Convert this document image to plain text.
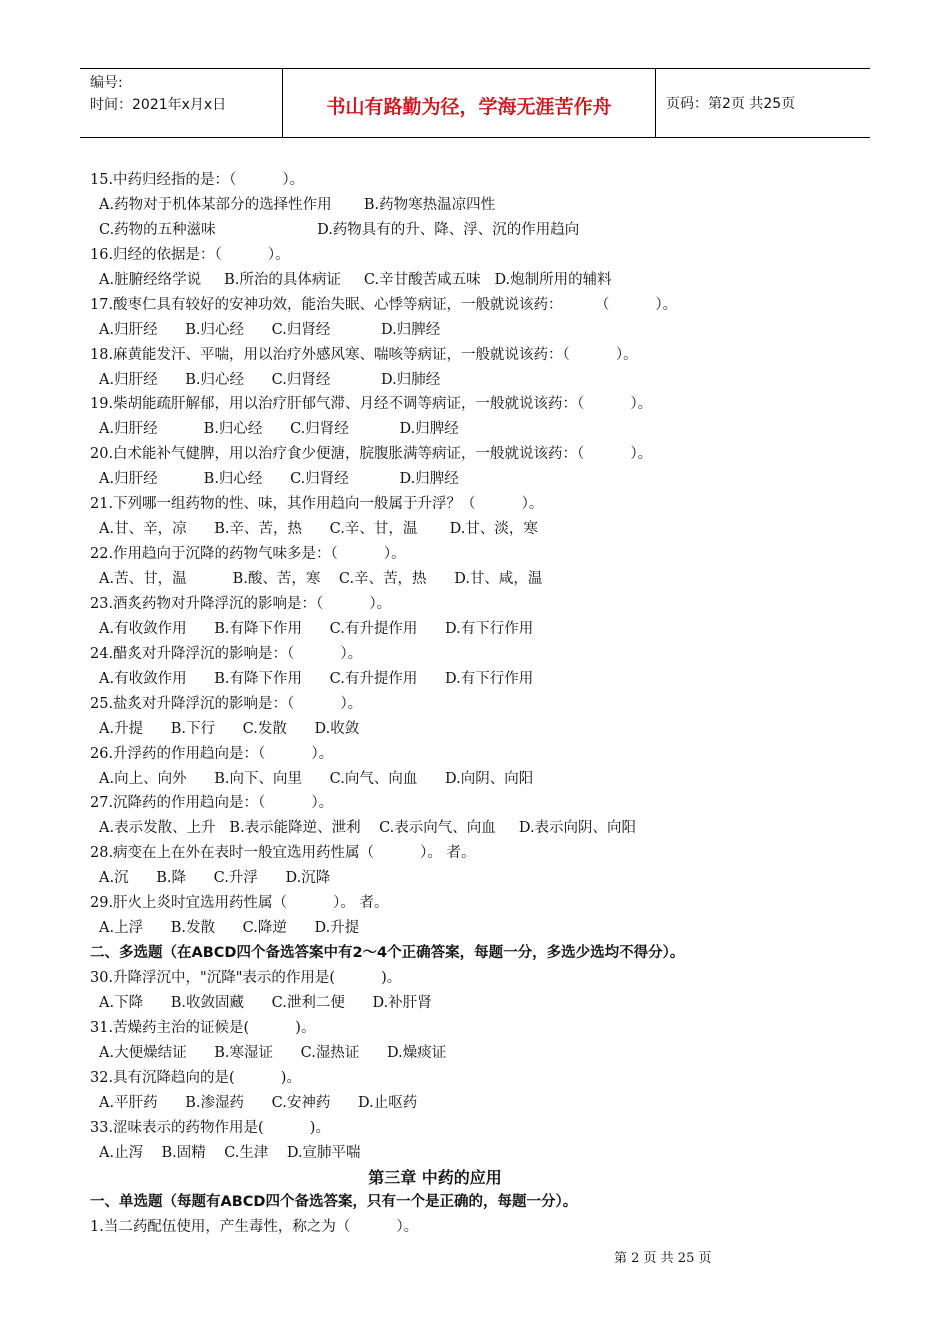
编号:
时间：2021年x月x日	书山有路勤为径，学海无涯苦作舟	页码：第2页 共25页
15.中药归经指的是：（          ）。
A.药物对于机体某部分的选择性作用       B.药物寒热温凉四性
C.药物的五种滋味                      D.药物具有的升、降、浮、沉的作用趋向
16.归经的依据是：（          ）。
A.脏腑经络学说     B.所治的具体病证     C.辛甘酸苦咸五味   D.炮制所用的辅料
17.酸枣仁具有较好的安神功效，能治失眠、心悸等病证，一般就说该药：       （          ）。
A.归肝经      B.归心经      C.归肾经           D.归脾经
18.麻黄能发汗、平喘，用以治疗外感风寒、喘咳等病证，一般就说该药：（          ）。
A.归肝经      B.归心经      C.归肾经           D.归肺经
19.柴胡能疏肝解郁，用以治疗肝郁气滞、月经不调等病证，一般就说该药：（          ）。
A.归肝经          B.归心经      C.归肾经           D.归脾经
20.白术能补气健脾，用以治疗食少便溏，脘腹胀满等病证，一般就说该药：（          ）。
A.归肝经          B.归心经      C.归肾经           D.归脾经
21.下列哪一组药物的性、味，其作用趋向一般属于升浮？（          ）。
A.甘、辛，凉      B.辛、苦，热      C.辛、甘，温       D.甘、淡，寒
22.作用趋向于沉降的药物气味多是：（          ）。
A.苦、甘，温          B.酸、苦，寒    C.辛、苦，热      D.甘、咸，温
23.酒炙药物对升降浮沉的影响是：（          ）。
A.有收敛作用      B.有降下作用      C.有升提作用      D.有下行作用
24.醋炙对升降浮沉的影响是：（          ）。
A.有收敛作用      B.有降下作用      C.有升提作用      D.有下行作用
25.盐炙对升降浮沉的影响是：（          ）。
A.升提      B.下行      C.发散      D.收敛
26.升浮药的作用趋向是：（          ）。
A.向上、向外      B.向下、向里      C.向气、向血      D.向阴、向阳
27.沉降药的作用趋向是：（          ）。
A.表示发散、上升   B.表示能降逆、泄利    C.表示向气、向血     D.表示向阴、向阳
28.病变在上在外在表时一般宜选用药性属（          ）。 者。
A.沉      B.降      C.升浮      D.沉降
29.肝火上炎时宜选用药性属（          ）。 者。
A.上浮      B.发散      C.降逆      D.升提
二、多选题（在ABCD四个备选答案中有2～4个正确答案，每题一分，多选少选均不得分）。
30.升降浮沉中，"沉降"表示的作用是(          )。
A.下降      B.收敛固藏      C.泄利二便      D.补肝肾
31.苦燥药主治的证候是(          )。
A.大便燥结证      B.寒湿证      C.湿热证      D.燥痰证
32.具有沉降趋向的是(          )。
A.平肝药      B.渗湿药      C.安神药      D.止呕药
33.涩味表示的药物作用是(          )。
A.止泻    B.固精    C.生津    D.宣肺平喘
第三章 中药的应用
一、单选题（每题有ABCD四个备选答案，只有一个是正确的，每题一分）。
1.当二药配伍使用，产生毒性，称之为（          ）。
第 2 页 共 25 页
